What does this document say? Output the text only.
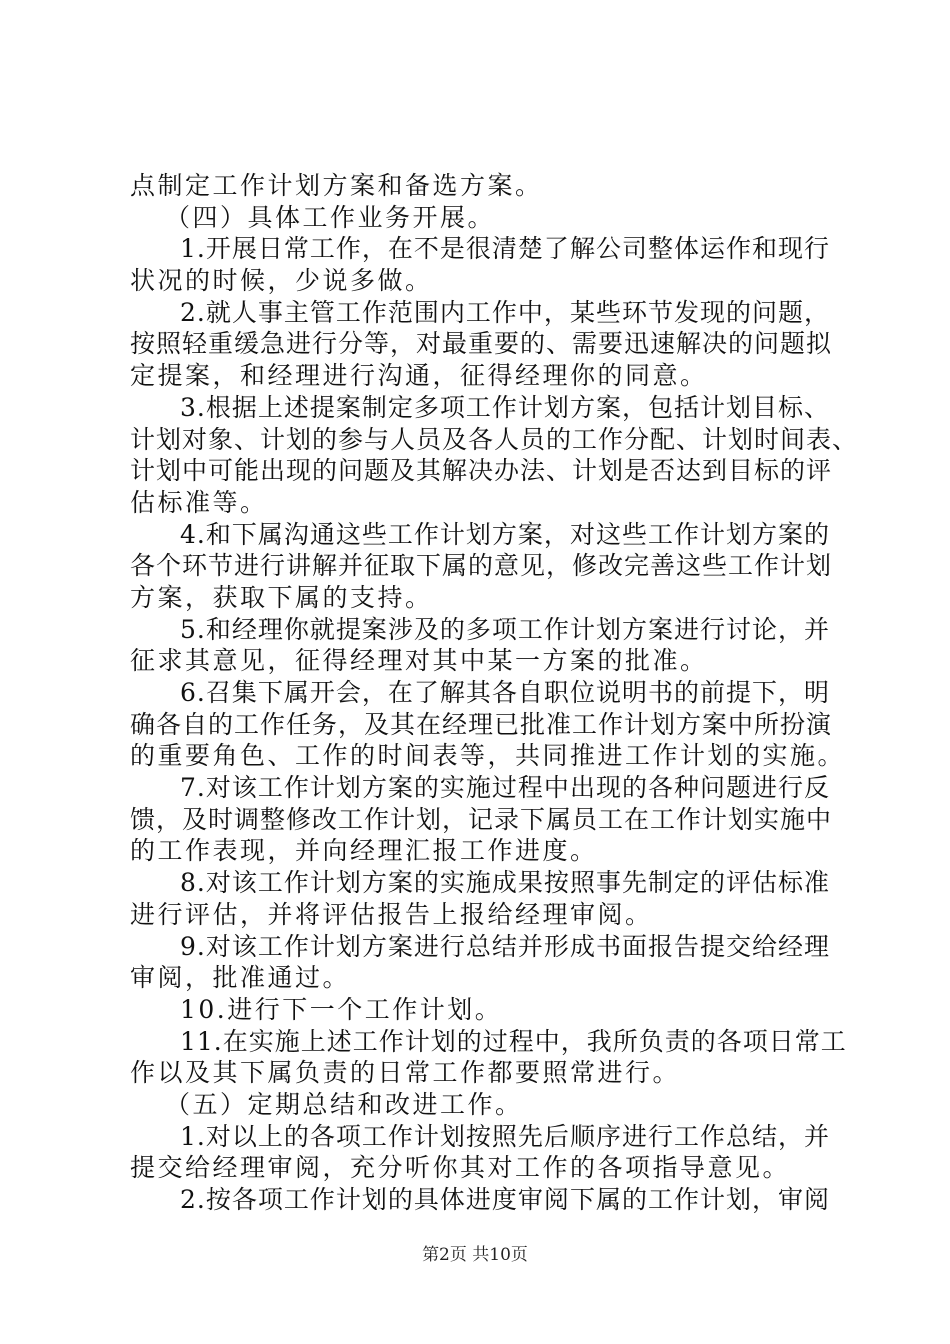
点制定工作计划方案和备选方案。
（四）具体工作业务开展。
1.开展日常工作，在不是很清楚了解公司整体运作和现行
状况的时候，少说多做。
2.就人事主管工作范围内工作中，某些环节发现的问题，
按照轻重缓急进行分等，对最重要的、需要迅速解决的问题拟
定提案，和经理进行沟通，征得经理你的同意。
3.根据上述提案制定多项工作计划方案，包括计划目标、
计划对象、计划的参与人员及各人员的工作分配、计划时间表、
计划中可能出现的问题及其解决办法、计划是否达到目标的评
估标准等。
4.和下属沟通这些工作计划方案，对这些工作计划方案的
各个环节进行讲解并征取下属的意见，修改完善这些工作计划
方案，获取下属的支持。
5.和经理你就提案涉及的多项工作计划方案进行讨论，并
征求其意见，征得经理对其中某一方案的批准。
6.召集下属开会，在了解其各自职位说明书的前提下，明
确各自的工作任务，及其在经理已批准工作计划方案中所扮演
的重要角色、工作的时间表等，共同推进工作计划的实施。
7.对该工作计划方案的实施过程中出现的各种问题进行反
馈，及时调整修改工作计划，记录下属员工在工作计划实施中
的工作表现，并向经理汇报工作进度。
8.对该工作计划方案的实施成果按照事先制定的评估标准
进行评估，并将评估报告上报给经理审阅。
9.对该工作计划方案进行总结并形成书面报告提交给经理
审阅，批准通过。
10.进行下一个工作计划。
11.在实施上述工作计划的过程中，我所负责的各项日常工
作以及其下属负责的日常工作都要照常进行。
（五）定期总结和改进工作。
1.对以上的各项工作计划按照先后顺序进行工作总结，并
提交给经理审阅，充分听你其对工作的各项指导意见。
2.按各项工作计划的具体进度审阅下属的工作计划，审阅
第2页 共10页
